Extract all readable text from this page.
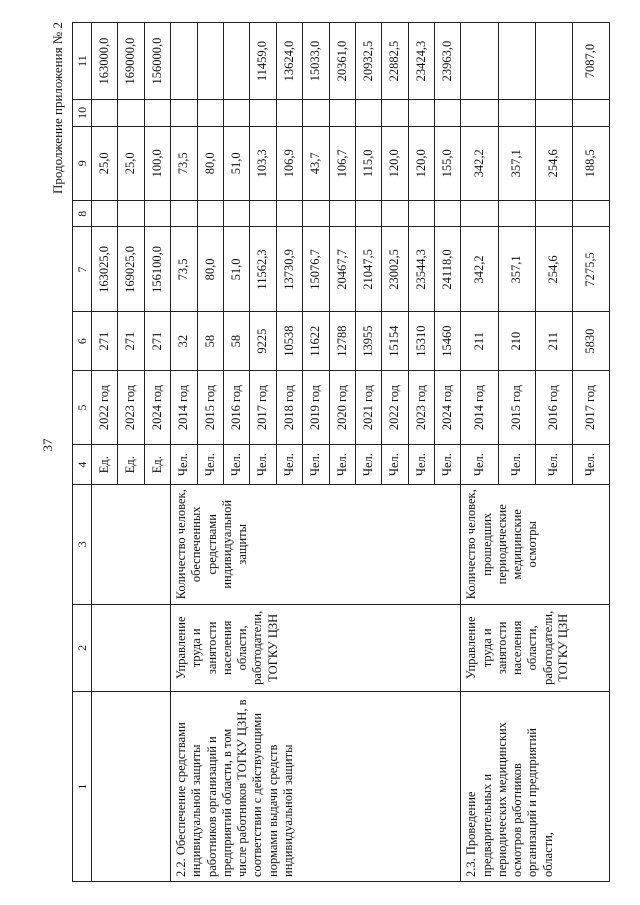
37
Продолжение приложения № 2
1	2	3	4	5	6	7	8	9	10	11
			Ед.	2022 год	271	163025,0		25,0		163000,0
			Ед.	2023 год	271	169025,0		25,0		169000,0
			Ед.	2024 год	271	156100,0		100,0		156000,0
2.2. Обеспечение средствами индивидуальной защиты работников организаций и предприятий области, в том числе работников ТОГКУ ЦЗН, в соответствии с действующими нормами выдачи средств индивидуальной защиты	Управление труда и занятости населения области, работодатели, ТОГКУ ЦЗН	Количество человек, обеспеченных средствами индивидуальной защиты	Чел.	2014 год	32	73,5		73,5		
			Чел.	2015 год	58	80,0		80,0		
			Чел.	2016 год	58	51,0		51,0		
			Чел.	2017 год	9225	11562,3		103,3		11459,0
			Чел.	2018 год	10538	13730,9		106,9		13624,0
			Чел.	2019 год	11622	15076,7		43,7		15033,0
			Чел.	2020 год	12788	20467,7		106,7		20361,0
			Чел.	2021 год	13955	21047,5		115,0		20932,5
			Чел.	2022 год	15154	23002,5		120,0		22882,5
			Чел.	2023 год	15310	23544,3		120,0		23424,3
			Чел.	2024 год	15460	24118,0		155,0		23963,0
2.3. Проведение предварительных и периодических медицинских осмотров работников организаций и предприятий области,	Управление труда и занятости населения области, работодатели, ТОГКУ ЦЗН	Количество человек, прошедших периодические медицинские осмотры	Чел.	2014 год	211	342,2		342,2		
			Чел.	2015 год	210	357,1		357,1		
			Чел.	2016 год	211	254,6		254,6		
			Чел.	2017 год	5830	7275,5		188,5		7087,0
